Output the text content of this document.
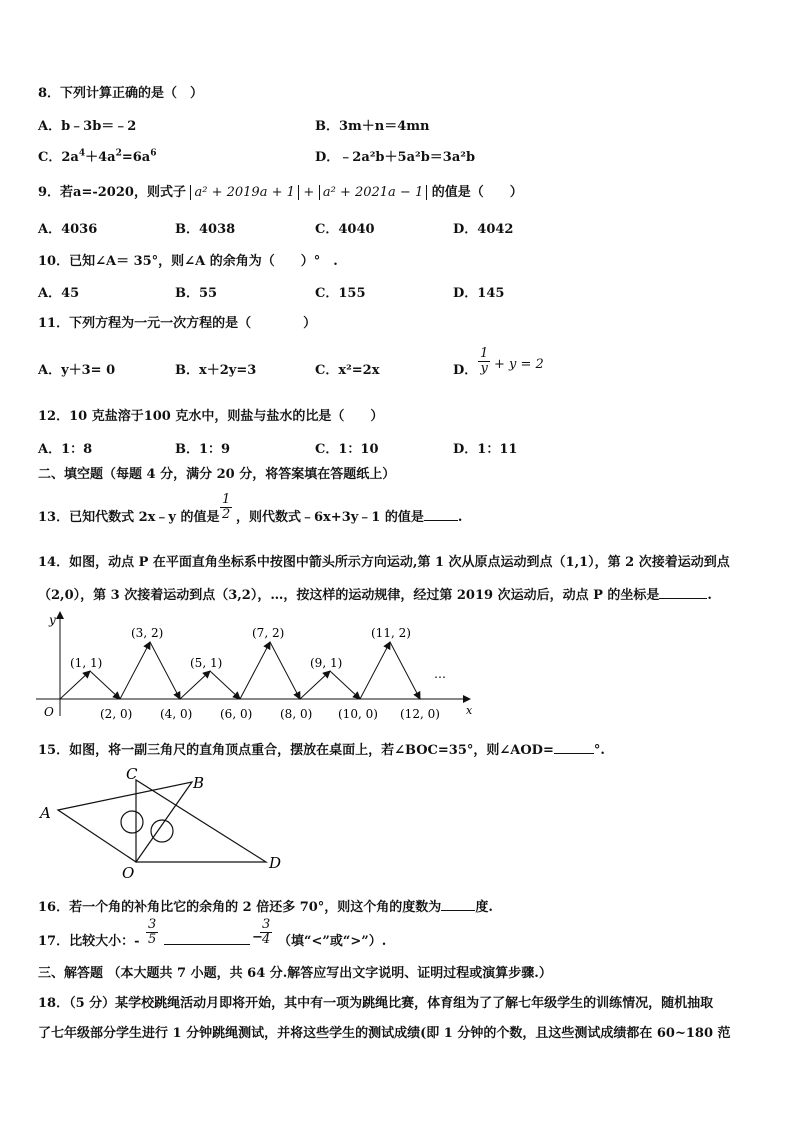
8．下列计算正确的是（　）
A．b﹣3b＝﹣2	B．3m＋n＝4mn
C．$2a^4+4a^2=6a^6$	D．﹣2a²b＋5a²b＝3a²b
9．若a=-2020，则式子 a² + 2019a + 1 + a² + 2021a − 1 的值是（　　）
A．4036	B．4038	C．4040	D．4042
10．已知∠A＝ 35°，则∠A 的余角为（　　）°　.
A．45	B．55	C．155	D．145
11．下列方程为一元一次方程的是（　　　　）
A．y＋3= 0	B．x＋2y=3	C．x²=2x	D． $\frac{1}{y} + y = 2$
12．10 克盐溶于100 克水中，则盐与盐水的比是（　　）
A．1：8	B．1：9	C．1：10	D．1：11
二、填空题（每题 4 分，满分 20 分，将答案填在答题纸上）
13．已知代数式 2x﹣y 的值是 $\frac{1}{2}$ ，则代数式﹣6x+3y﹣1 的值是	.
14．如图，动点 P 在平面直角坐标系中按图中箭头所示方向运动,第 1 次从原点运动到点（1,1），第 2 次接着运动到点
（2,0），第 3 次接着运动到点（3,2），…，按这样的运动规律，经过第 2019 次运动后，动点 P 的坐标是	.
y
x
O
(1, 1)
(3, 2)
(5, 1)
(7, 2)
(9, 1)
(11, 2)
(2, 0) (4, 0) (6, 0) (8, 0) (10, 0) (12, 0)
…
15．如图，将一副三角尺的直角顶点重合，摆放在桌面上，若∠BOC=35°，则∠AOD=	°.
A
B
C
D
O
16．若一个角的补角比它的余角的 2 倍还多 70°，则这个角的度数为	度.
17．比较大小：- $\frac{3}{5}$	−
$\frac{3}{4}$ （填“<”或“>”）.
三、解答题 （本大题共 7 小题，共 64 分.解答应写出文字说明、证明过程或演算步骤.）
18．（5 分）某学校跳绳活动月即将开始，其中有一项为跳绳比赛，体育组为了了解七年级学生的训练情况，随机抽取
了七年级部分学生进行 1 分钟跳绳测试，并将这些学生的测试成绩(即 1 分钟的个数，且这些测试成绩都在 60~180 范
